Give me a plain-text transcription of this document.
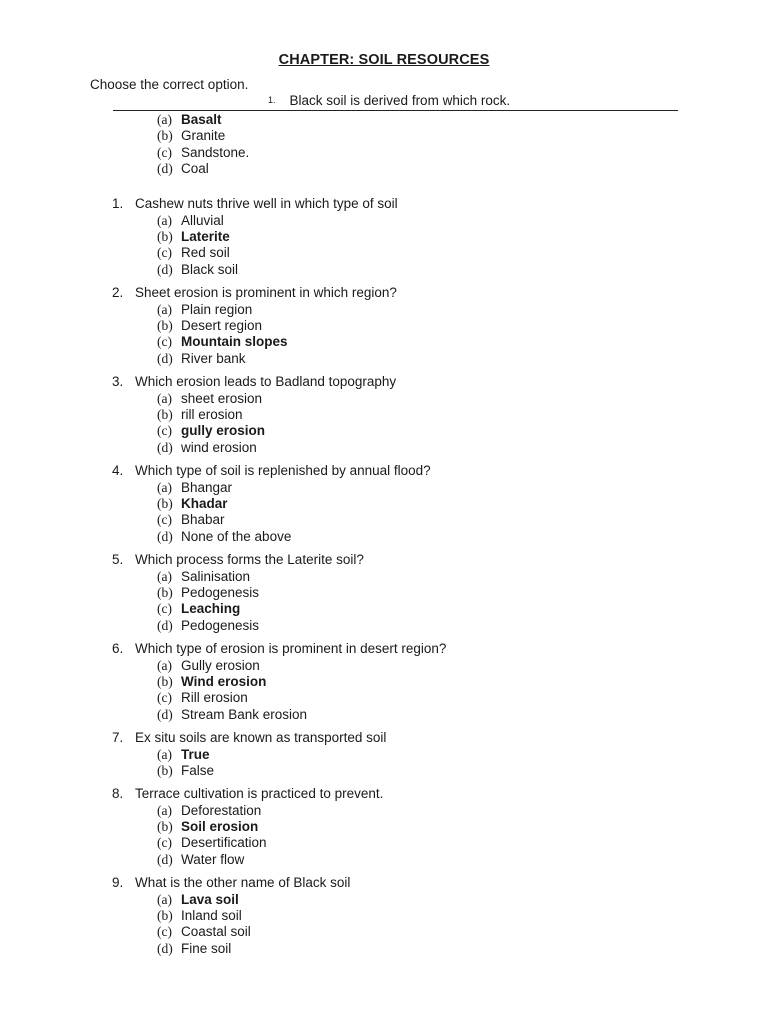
CHAPTER: SOIL RESOURCES
Choose the correct option.
1. Black soil is derived from which rock.
(a) Basalt
(b) Granite
(c) Sandstone.
(d) Coal
1. Cashew nuts thrive well in which type of soil
(a) Alluvial
(b) Laterite
(c) Red soil
(d) Black soil
2. Sheet erosion is prominent in which region?
(a) Plain region
(b) Desert region
(c) Mountain slopes
(d) River bank
3. Which erosion leads to Badland topography
(a) sheet erosion
(b) rill erosion
(c) gully erosion
(d) wind erosion
4. Which type of soil is replenished by annual flood?
(a) Bhangar
(b) Khadar
(c) Bhabar
(d) None of the above
5. Which process forms the Laterite soil?
(a) Salinisation
(b) Pedogenesis
(c) Leaching
(d) Pedogenesis
6. Which type of erosion is prominent in desert region?
(a) Gully erosion
(b) Wind erosion
(c) Rill erosion
(d) Stream Bank erosion
7. Ex situ soils are known as transported soil
(a) True
(b) False
8. Terrace cultivation is practiced to prevent.
(a) Deforestation
(b) Soil erosion
(c) Desertification
(d) Water flow
9. What is the other name of Black soil
(a) Lava soil
(b) Inland soil
(c) Coastal soil
(d) Fine soil
